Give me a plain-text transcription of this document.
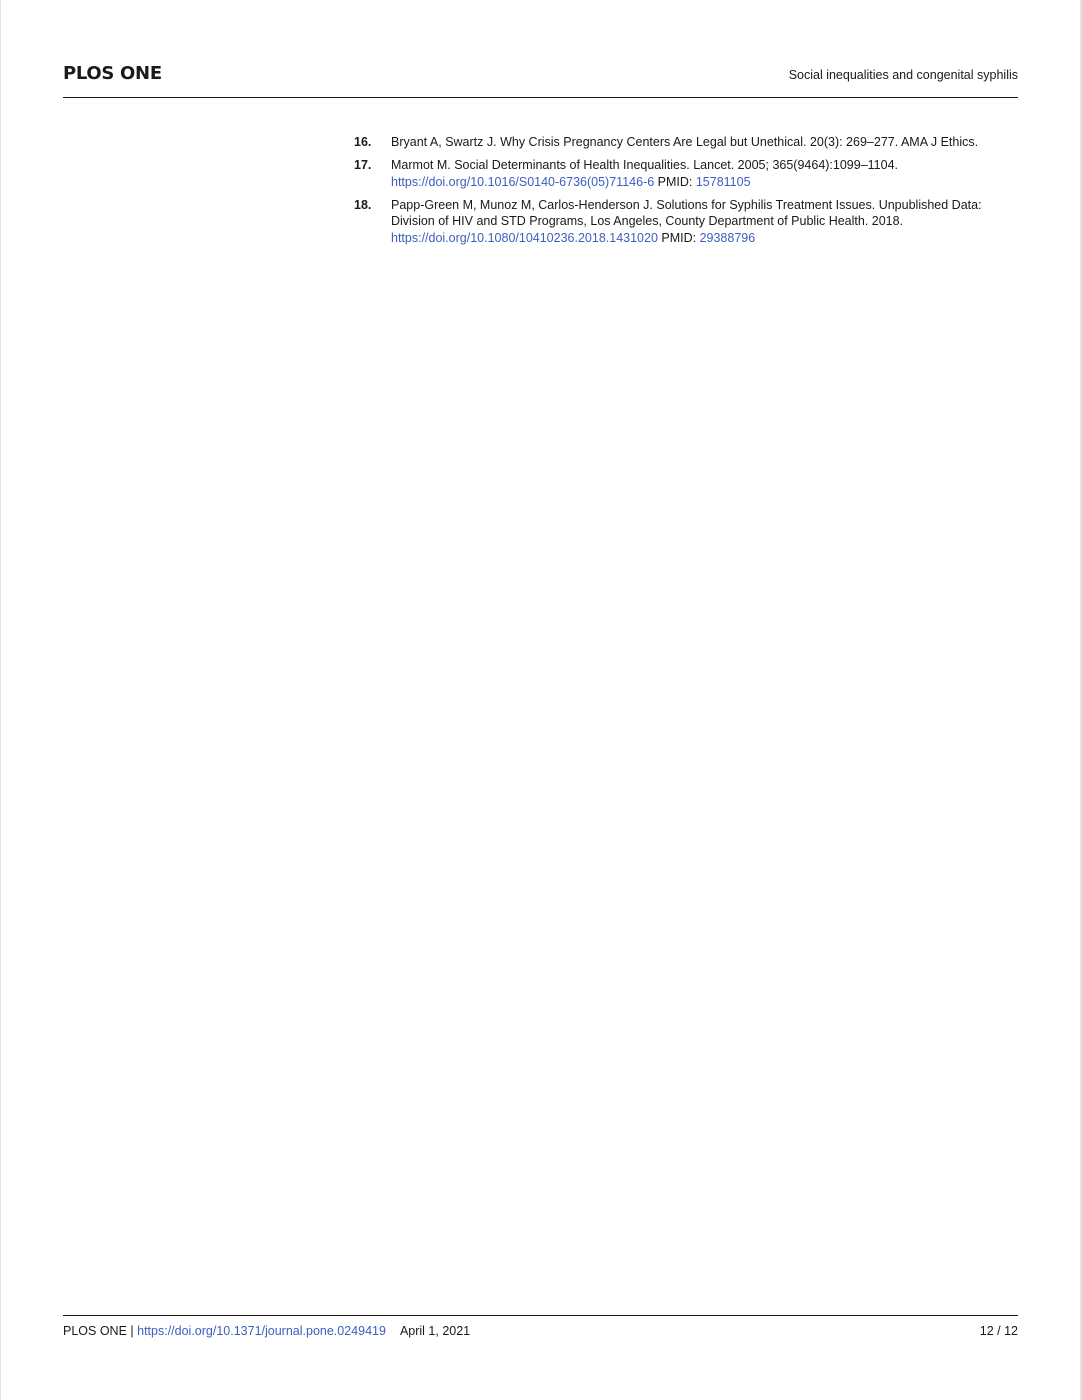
PLOS ONE	Social inequalities and congenital syphilis
16. Bryant A, Swartz J. Why Crisis Pregnancy Centers Are Legal but Unethical. 20(3): 269–277. AMA J Ethics.
17. Marmot M. Social Determinants of Health Inequalities. Lancet. 2005; 365(9464):1099–1104. https://doi.org/10.1016/S0140-6736(05)71146-6 PMID: 15781105
18. Papp-Green M, Munoz M, Carlos-Henderson J. Solutions for Syphilis Treatment Issues. Unpublished Data: Division of HIV and STD Programs, Los Angeles, County Department of Public Health. 2018. https://doi.org/10.1080/10410236.2018.1431020 PMID: 29388796
PLOS ONE | https://doi.org/10.1371/journal.pone.0249419 April 1, 2021	12 / 12
